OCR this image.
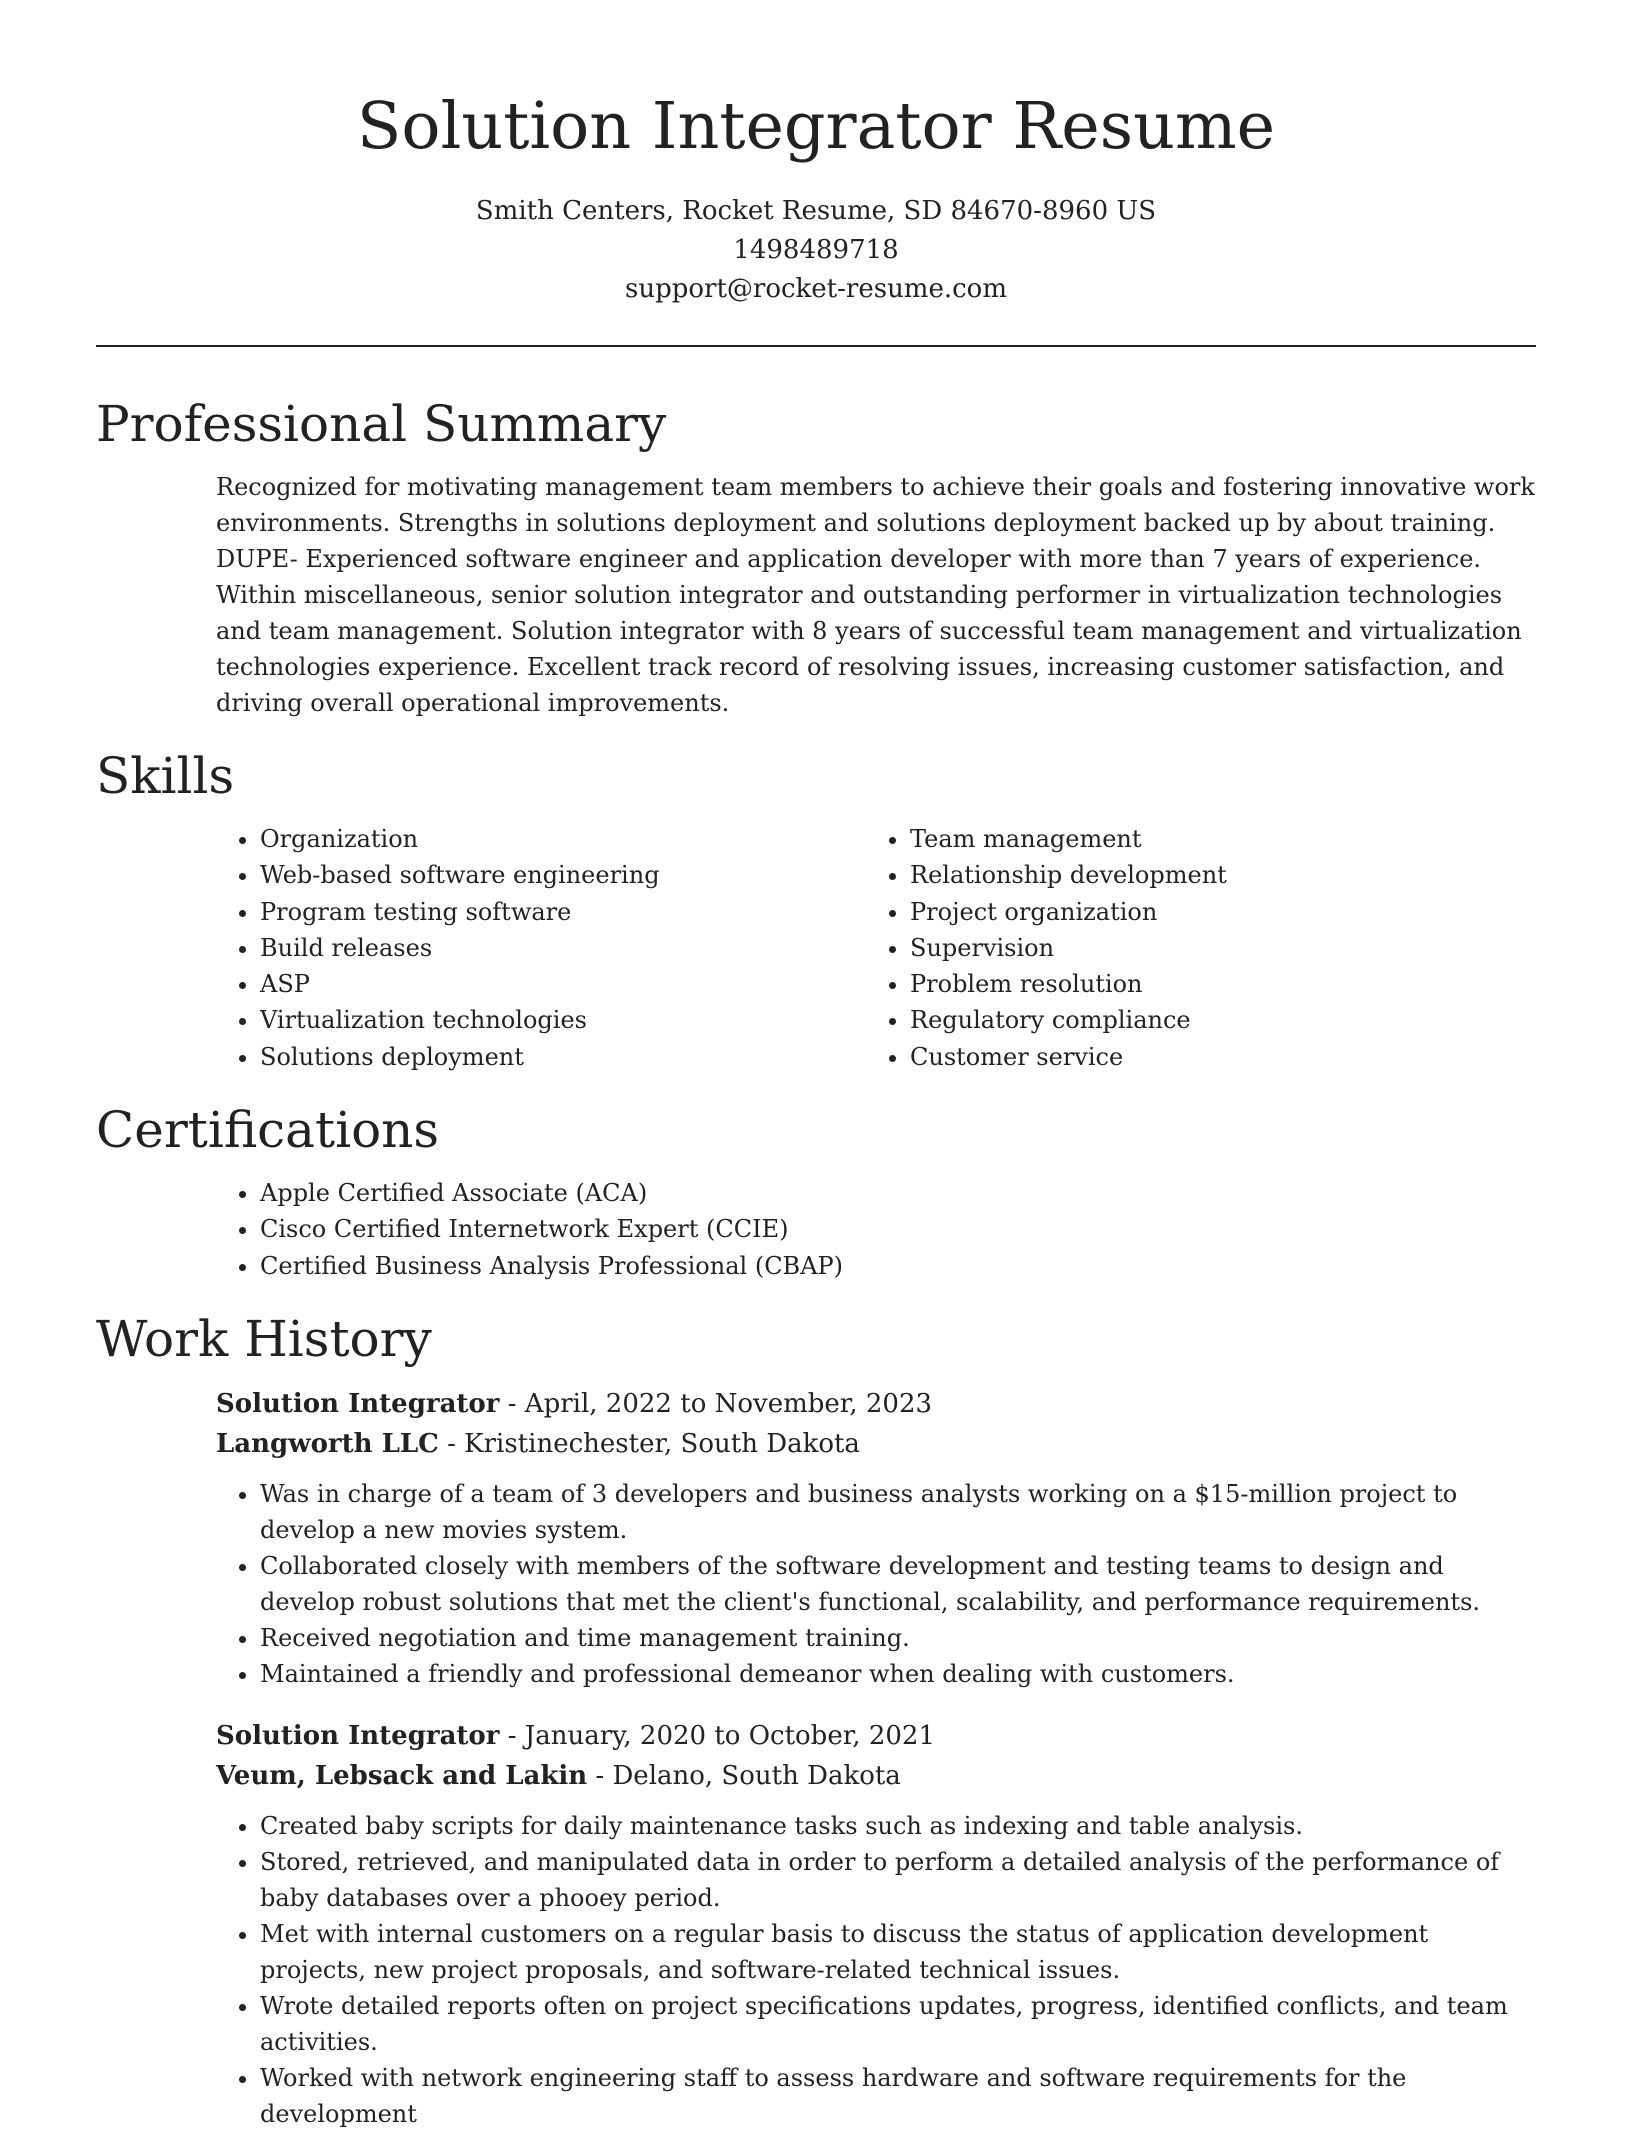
Solution Integrator Resume
Smith Centers, Rocket Resume, SD 84670-8960 US
1498489718
support@rocket-resume.com
Professional Summary

Recognized for motivating management team members to achieve their goals and fostering innovative work environments. Strengths in solutions deployment and solutions deployment backed up by about training. DUPE- Experienced software engineer and application developer with more than 7 years of experience. Within miscellaneous, senior solution integrator and outstanding performer in virtualization technologies and team management. Solution integrator with 8 years of successful team management and virtualization technologies experience. Excellent track record of resolving issues, increasing customer satisfaction, and driving overall operational improvements.

Skills
• Organization
• Web-based software engineering
• Program testing software
• Build releases
• ASP
• Virtualization technologies
• Solutions deployment
• Team management
• Relationship development
• Project organization
• Supervision
• Problem resolution
• Regulatory compliance
• Customer service
Certifications
• Apple Certified Associate (ACA)
• Cisco Certified Internetwork Expert (CCIE)
• Certified Business Analysis Professional (CBAP)
Work History
Solution Integrator - April, 2022 to November, 2023
Langworth LLC - Kristinechester, South Dakota
• Was in charge of a team of 3 developers and business analysts working on a $15-million project to develop a new movies system.
• Collaborated closely with members of the software development and testing teams to design and develop robust solutions that met the client's functional, scalability, and performance requirements.
• Received negotiation and time management training.
• Maintained a friendly and professional demeanor when dealing with customers.
Solution Integrator - January, 2020 to October, 2021
Veum, Lebsack and Lakin - Delano, South Dakota
• Created baby scripts for daily maintenance tasks such as indexing and table analysis.
• Stored, retrieved, and manipulated data in order to perform a detailed analysis of the performance of baby databases over a phooey period.
• Met with internal customers on a regular basis to discuss the status of application development projects, new project proposals, and software-related technical issues.
• Wrote detailed reports often on project specifications updates, progress, identified conflicts, and team activities.
• Worked with network engineering staff to assess hardware and software requirements for the development
